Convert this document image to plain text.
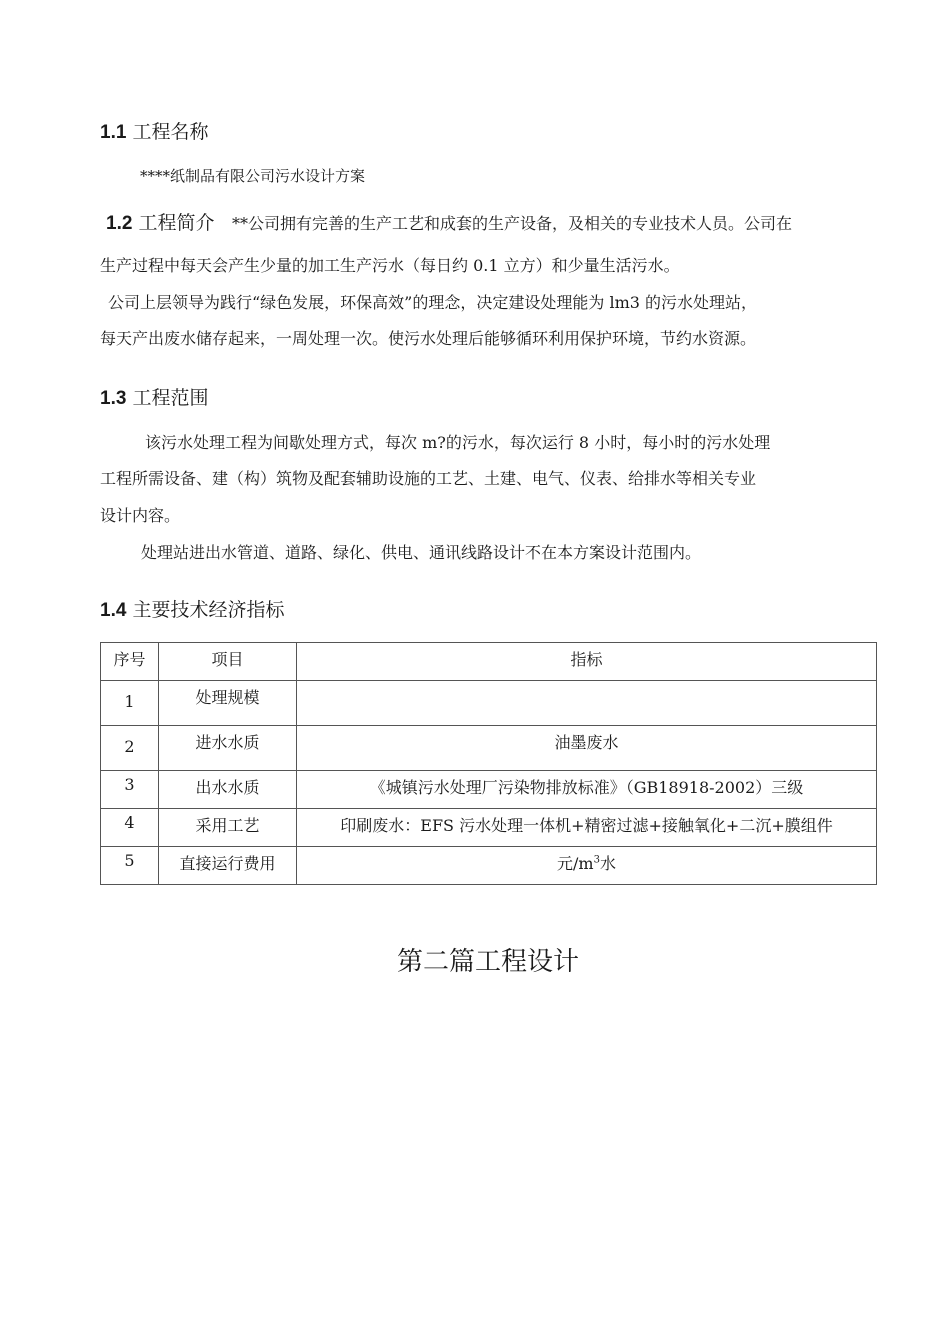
1.1 工程名称
****纸制品有限公司污水设计方案
1.2 工程简介 **公司拥有完善的生产工艺和成套的生产设备，及相关的专业技术人员。公司在
生产过程中每天会产生少量的加工生产污水（每日约 0.1 立方）和少量生活污水。
公司上层领导为践行“绿色发展，环保高效”的理念，决定建设处理能为 lm3 的污水处理站，
每天产出废水储存起来，一周处理一次。使污水处理后能够循环利用保护环境，节约水资源。
1.3 工程范围
该污水处理工程为间歇处理方式，每次 m?的污水，每次运行 8 小时，每小时的污水处理
工程所需设备、建（构）筑物及配套辅助设施的工艺、土建、电气、仪表、给排水等相关专业
设计内容。
处理站进出水管道、道路、绿化、供电、通讯线路设计不在本方案设计范围内。
1.4 主要技术经济指标
序号	项目	指标
1	处理规模	
2	进水水质	油墨废水
3	出水水质	《城镇污水处理厂污染物排放标准》（GB18918-2002）三级
4	采用工艺	印刷废水：EFS 污水处理一体机+精密过滤+接触氧化+二沉+膜组件
5	直接运行费用	元$/m^3$水
第二篇工程设计
